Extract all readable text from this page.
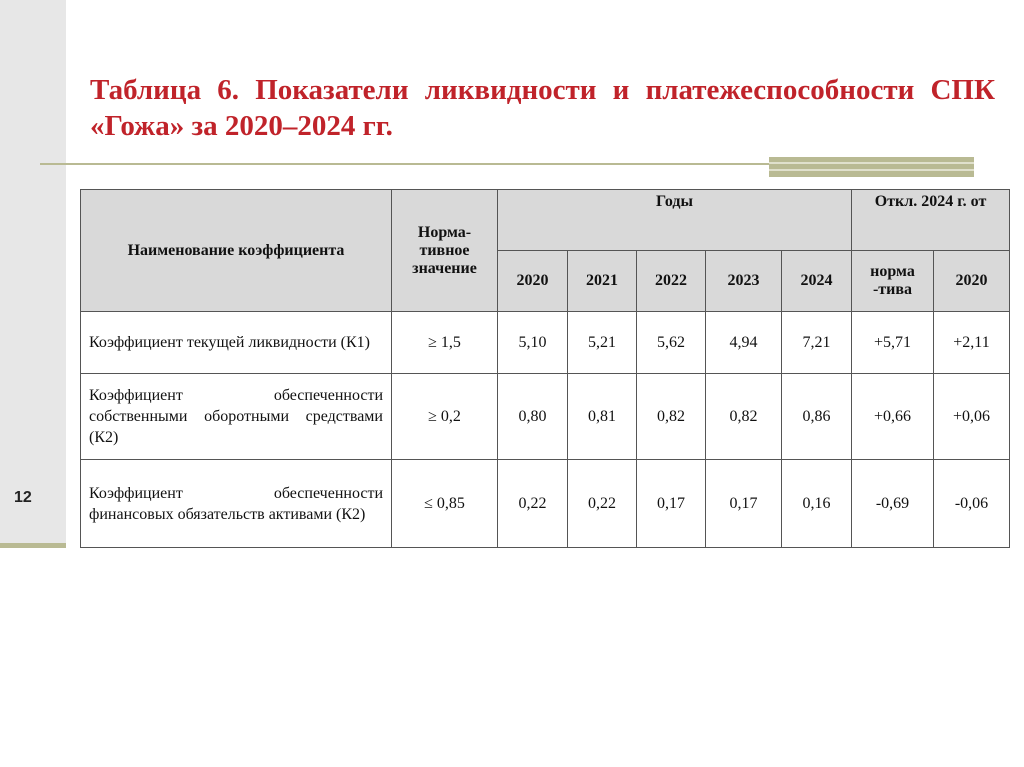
12
Таблица 6. Показатели ликвидности и платежеспособности СПК «Гожа» за 2020–2024 гг.
Наименование коэффициента	Норма-тивное значение	Годы					Откл. 2024 г. от	
		2020	2021	2022	2023	2024	норма -тива	2020
Коэффициент текущей ликвидности (К1)	≥ 1,5	5,10	5,21	5,62	4,94	7,21	+5,71	+2,11
Коэффициент обеспеченности собственными оборотными средствами (К2)	≥ 0,2	0,80	0,81	0,82	0,82	0,86	+0,66	+0,06
Коэффициент обеспеченности финансовых обязательств активами (К2)	≤ 0,85	0,22	0,22	0,17	0,17	0,16	-0,69	-0,06
